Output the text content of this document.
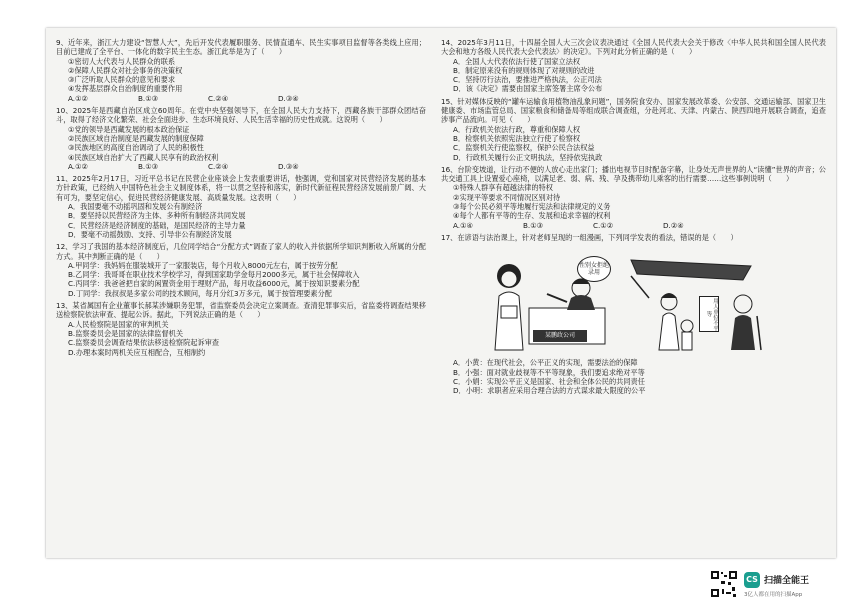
9、近年来，浙江大力建设“智慧人大”，先后开发代表履职服务、民情直通车、民生实事项目监督等各类线上应用；目前已建成了全平台、一体化的数字民主生态。浙江此举是为了（　　）

①密切人大代表与人民群众的联系

②保障人民群众对社会事务的决策权

③广泛听取人民群众的意见和要求

④发挥基层群众自治制度的重要作用

A.①②	B.①③	C.②④	D.③④

10、2025年是西藏自治区成立60周年。在党中央坚强领导下，在全国人民大力支持下，西藏各族干部群众团结奋斗，取得了经济文化繁荣、社会全面进步、生态环境良好、人民生活幸福的历史性成就。这说明（　　）

①党的领导是西藏发展的根本政治保证

②民族区域自治制度是西藏发展的制度保障

③民族地区的高度自治调动了人民的积极性

④民族区域自治扩大了西藏人民享有的政治权利

A.①②	B.①③	C.②④	D.③④

11、2025年2月17日，习近平总书记在民营企业座谈会上发表重要讲话，他强调，党和国家对民营经济发展的基本方针政策，已经纳入中国特色社会主义制度体系，将一以贯之坚持和落实，新时代新征程民营经济发展前景广阔、大有可为，要坚定信心，促进民营经济健康发展、高质量发展。这表明（　　）

A．我国要毫不动摇巩固和发展公有制经济

B．要坚持以民营经济为主体、多种所有制经济共同发展

C．民营经济是经济制度的基础，是国民经济的主导力量

D．要毫不动摇鼓励、支持、引导非公有制经济发展

12、学习了我国的基本经济制度后，几位同学结合“分配方式”调查了家人的收入并依据所学知识判断收入所属的分配方式。其中判断正确的是（　　）

A.甲同学：我妈妈在服装城开了一家服装店，每个月收入8000元左右，属于按劳分配

B.乙同学：我哥哥在职业技术学校学习，得到国家助学金每月2000多元，属于社会保障收入

C.丙同学：我爸爸把自家的闲置资金用于理财产品，每月收益6000元，属于按知识要素分配

D.丁同学：我叔叔是多家公司的技术顾问，每月分红3万多元，属于按管理要素分配

13、某省属国有企业董事长郝某涉嫌职务犯罪，省监察委员会决定立案调查。查清犯罪事实后，省监委将调查结果移送检察院依法审查、提起公诉。据此，下列说法正确的是（　　）

A.人民检察院是国家的审判机关

B.监察委员会是国家的法律监督机关

C.监察委员会调查结果依法移送检察院起诉审查

D.办理本案时两机关应互相配合，互相制约

14、2025年3月11日，十四届全国人大三次会议表决通过《全国人民代表大会关于修改〈中华人民共和国全国人民代表大会和地方各级人民代表大会代表法〉的决定》。下列对此分析正确的是（　　）

A．全国人大代表依法行使了国家立法权

B．制定原来没有的规则体现了对规则的改进

C．坚持厉行法治，要推进严格执法，公正司法

D．该《决定》需要由国家主席签署主席令公布

15、针对媒体反映的“罐车运输食用植物油乱象问题”，国务院食安办、国家发展改革委、公安部、交通运输部、国家卫生健康委、市场监管总局、国家粮食和储备局等组成联合调查组，分赴河北、天津、内蒙古、陕西四地开展联合调查，追查涉事产品流向。可见（　　）

A．行政机关依法行政，尊重和保障人权

B．检察机关依照宪法独立行使了检察权

C．监察机关行使监察权，保护公民合法权益

D．行政机关履行公正文明执法，坚持依宪执政

16、台阶变坡道，让行动不便的人放心走出家门；播出电视节目时配备字幕，让身处无声世界的人“读懂”世界的声音；公共交通工具上设置爱心座椅，以满足老、弱、病、残、孕及携带幼儿乘客的出行需要……这些事例说明（　　）

①特殊人群享有超越法律的特权

②实现平等要求不同情况区别对待

③每个公民必须平等地履行宪法和法律规定的义务

④每个人都有平等的生存、发展和追求幸福的权利

A.①④	B.①③	C.①②	D.②④

17、在谚语与法治课上，针对老师呈现的一组漫画，下列同学发表的看法，错误的是（　　）

性别女拒绝录用
某鹏政公司
用人单位不平等

A．小黄：在现代社会，公平正义的实现，需要法治的保障

B．小强：面对就业歧视等不平等现象，我们要追求绝对平等

C．小娟：实现公平正义是国家、社会和全体公民的共同责任

D．小明：求职者应采用合理合法的方式谋求最大限度的公平

CS 扫描全能王
3亿人都在用的扫描App
